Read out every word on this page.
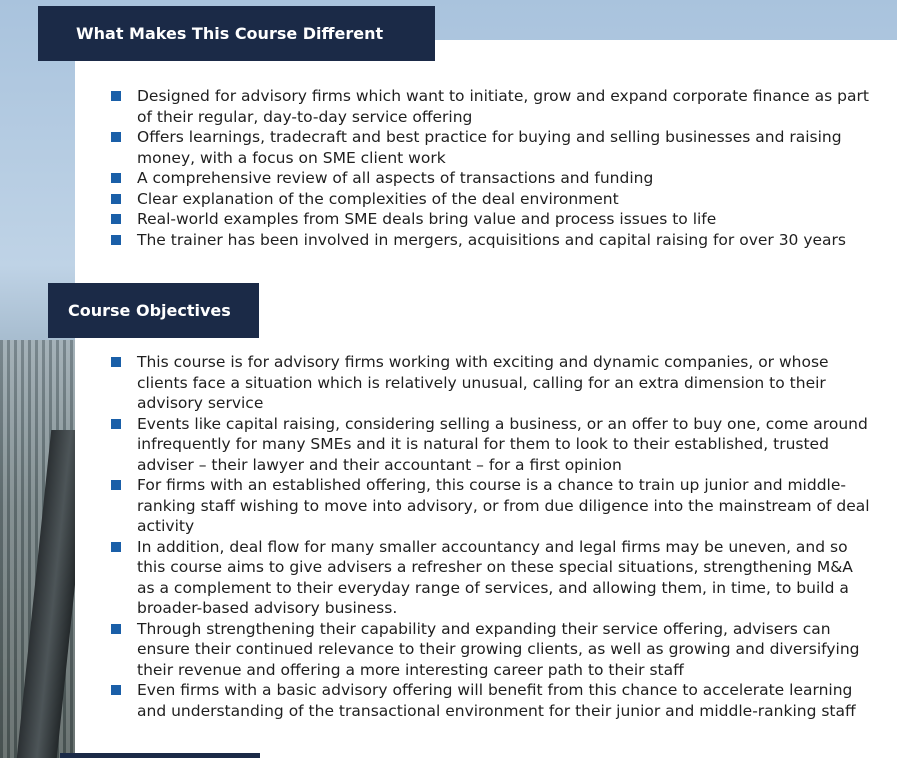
What Makes This Course Different
Designed for advisory firms which want to initiate, grow and expand corporate finance as part of their regular, day-to-day service offering
Offers learnings, tradecraft and best practice for buying and selling businesses and raising money, with a focus on SME client work
A comprehensive review of all aspects of transactions and funding
Clear explanation of the complexities of the deal environment
Real-world examples from SME deals bring value and process issues to life
The trainer has been involved in mergers, acquisitions and capital raising for over 30 years
Course Objectives
This course is for advisory firms working with exciting and dynamic companies, or whose clients face a situation which is relatively unusual, calling for an extra dimension to their advisory service
Events like capital raising, considering selling a business, or an offer to buy one, come around infrequently for many SMEs and it is natural for them to look to their established, trusted adviser – their lawyer and their accountant – for a first opinion
For firms with an established offering, this course is a chance to train up junior and middle-ranking staff wishing to move into advisory, or from due diligence into the mainstream of deal activity
In addition, deal flow for many smaller accountancy and legal firms may be uneven, and so this course aims to give advisers a refresher on these special situations, strengthening M&A as a complement to their everyday range of services, and allowing them, in time, to build a broader-based advisory business.
Through strengthening their capability and expanding their service offering, advisers can ensure their continued relevance to their growing clients, as well as growing and diversifying their revenue and offering a more interesting career path to their staff
Even firms with a basic advisory offering will benefit from this chance to accelerate learning and understanding of the transactional environment for their junior and middle-ranking staff
